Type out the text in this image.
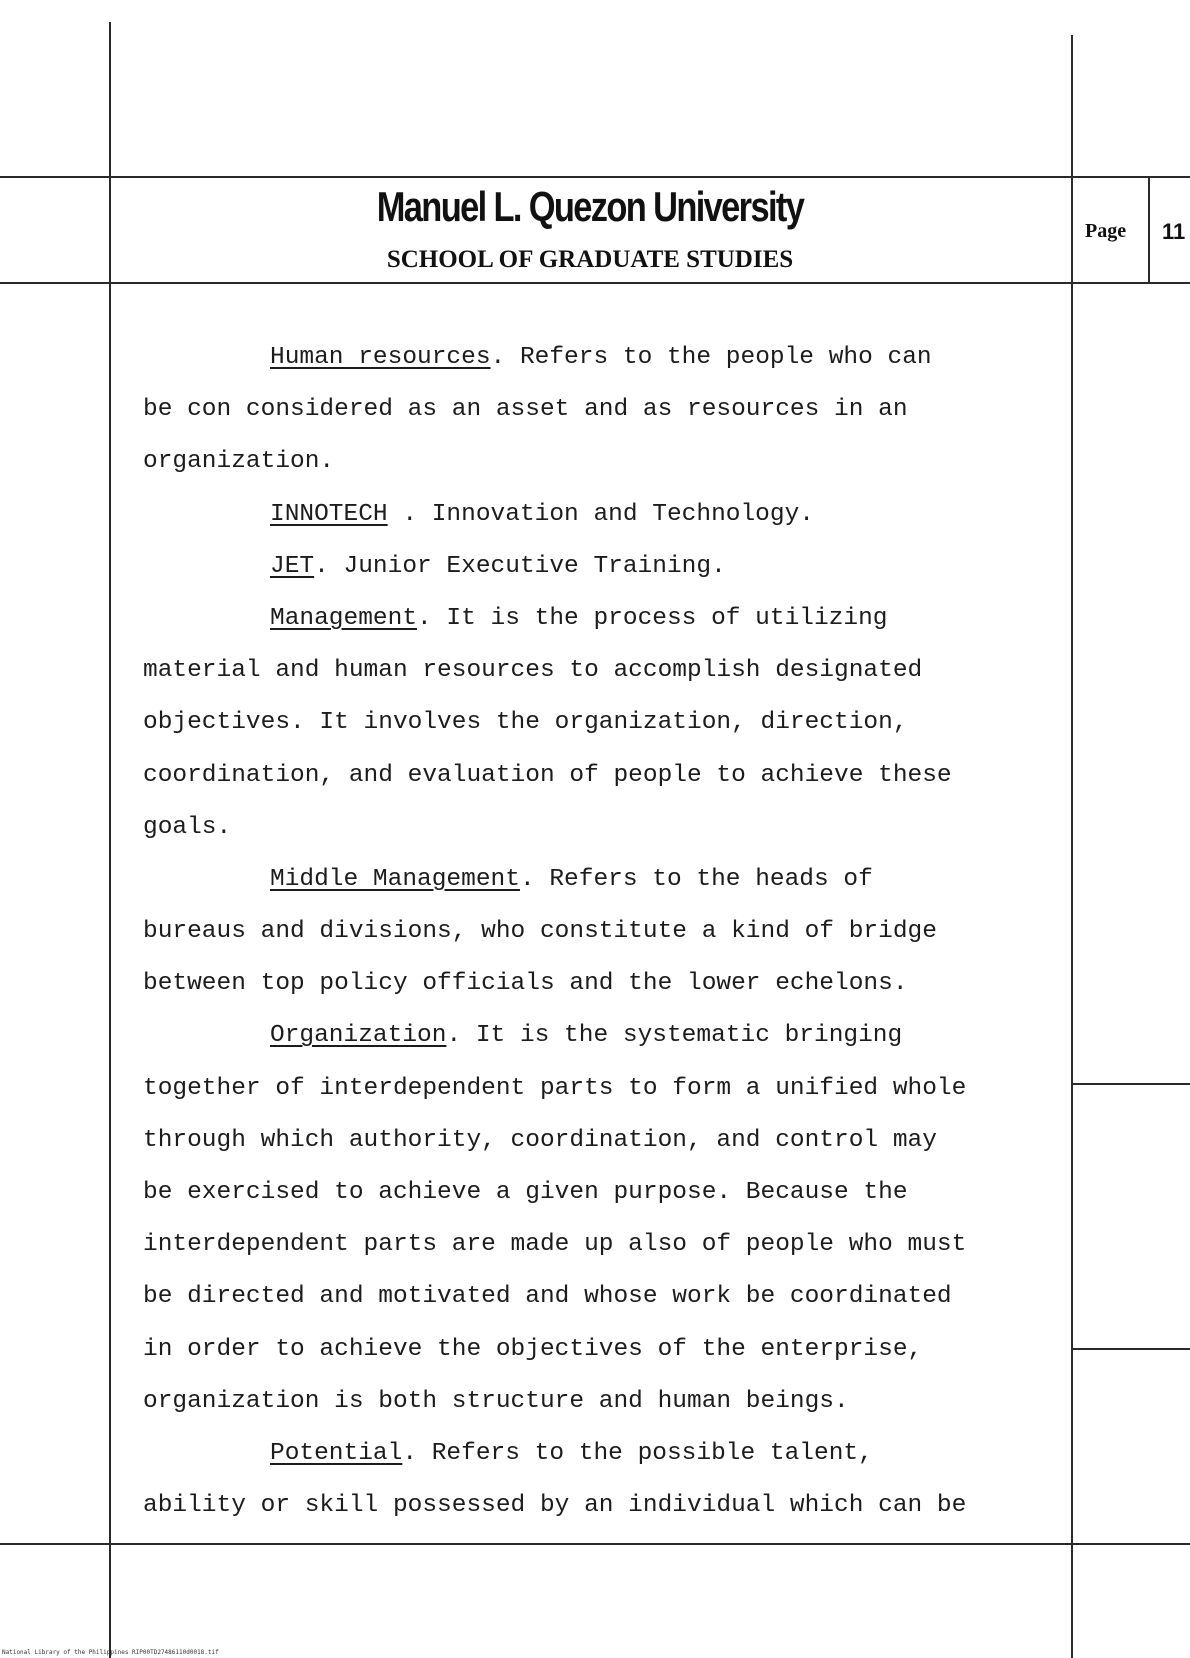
Manuel L. Quezon University
SCHOOL OF GRADUATE STUDIES
Page 11

Human resources. Refers to the people who can

be con considered as an asset and as resources in an

organization.

INNOTECH . Innovation and Technology.

JET. Junior Executive Training.

Management. It is the process of utilizing

material and human resources to accomplish designated

objectives. It involves the organization, direction,

coordination, and evaluation of people to achieve these

goals.

Middle Management. Refers to the heads of

bureaus and divisions, who constitute a kind of bridge

between top policy officials and the lower echelons.

Organization. It is the systematic bringing

together of interdependent parts to form a unified whole

through which authority, coordination, and control may

be exercised to achieve a given purpose. Because the

interdependent parts are made up also of people who must

be directed and motivated and whose work be coordinated

in order to achieve the objectives of the enterprise,

organization is both structure and human beings.

Potential. Refers to the possible talent,

ability or skill possessed by an individual which can be

National Library of the Philippines RIP00TD27486110d0018.tif
